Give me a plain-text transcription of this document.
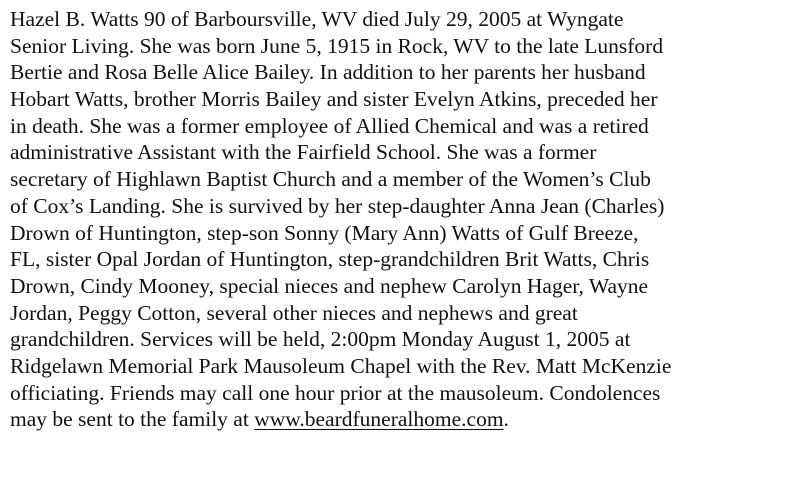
Hazel B. Watts 90 of Barboursville, WV died July 29, 2005 at Wyngate
Senior Living. She was born June 5, 1915 in Rock, WV to the late Lunsford
Bertie and Rosa Belle Alice Bailey. In addition to her parents her husband
Hobart Watts, brother Morris Bailey and sister Evelyn Atkins, preceded her
in death. She was a former employee of Allied Chemical and was a retired
administrative Assistant with the Fairfield School. She was a former
secretary of Highlawn Baptist Church and a member of the Women’s Club
of Cox’s Landing. She is survived by her step-daughter Anna Jean (Charles)
Drown of Huntington, step-son Sonny (Mary Ann) Watts of Gulf Breeze,
FL, sister Opal Jordan of Huntington, step-grandchildren Brit Watts, Chris
Drown, Cindy Mooney, special nieces and nephew Carolyn Hager, Wayne
Jordan, Peggy Cotton, several other nieces and nephews and great
grandchildren. Services will be held, 2:00pm Monday August 1, 2005 at
Ridgelawn Memorial Park Mausoleum Chapel with the Rev. Matt McKenzie
officiating. Friends may call one hour prior at the mausoleum. Condolences
may be sent to the family at www.beardfuneralhome.com.
